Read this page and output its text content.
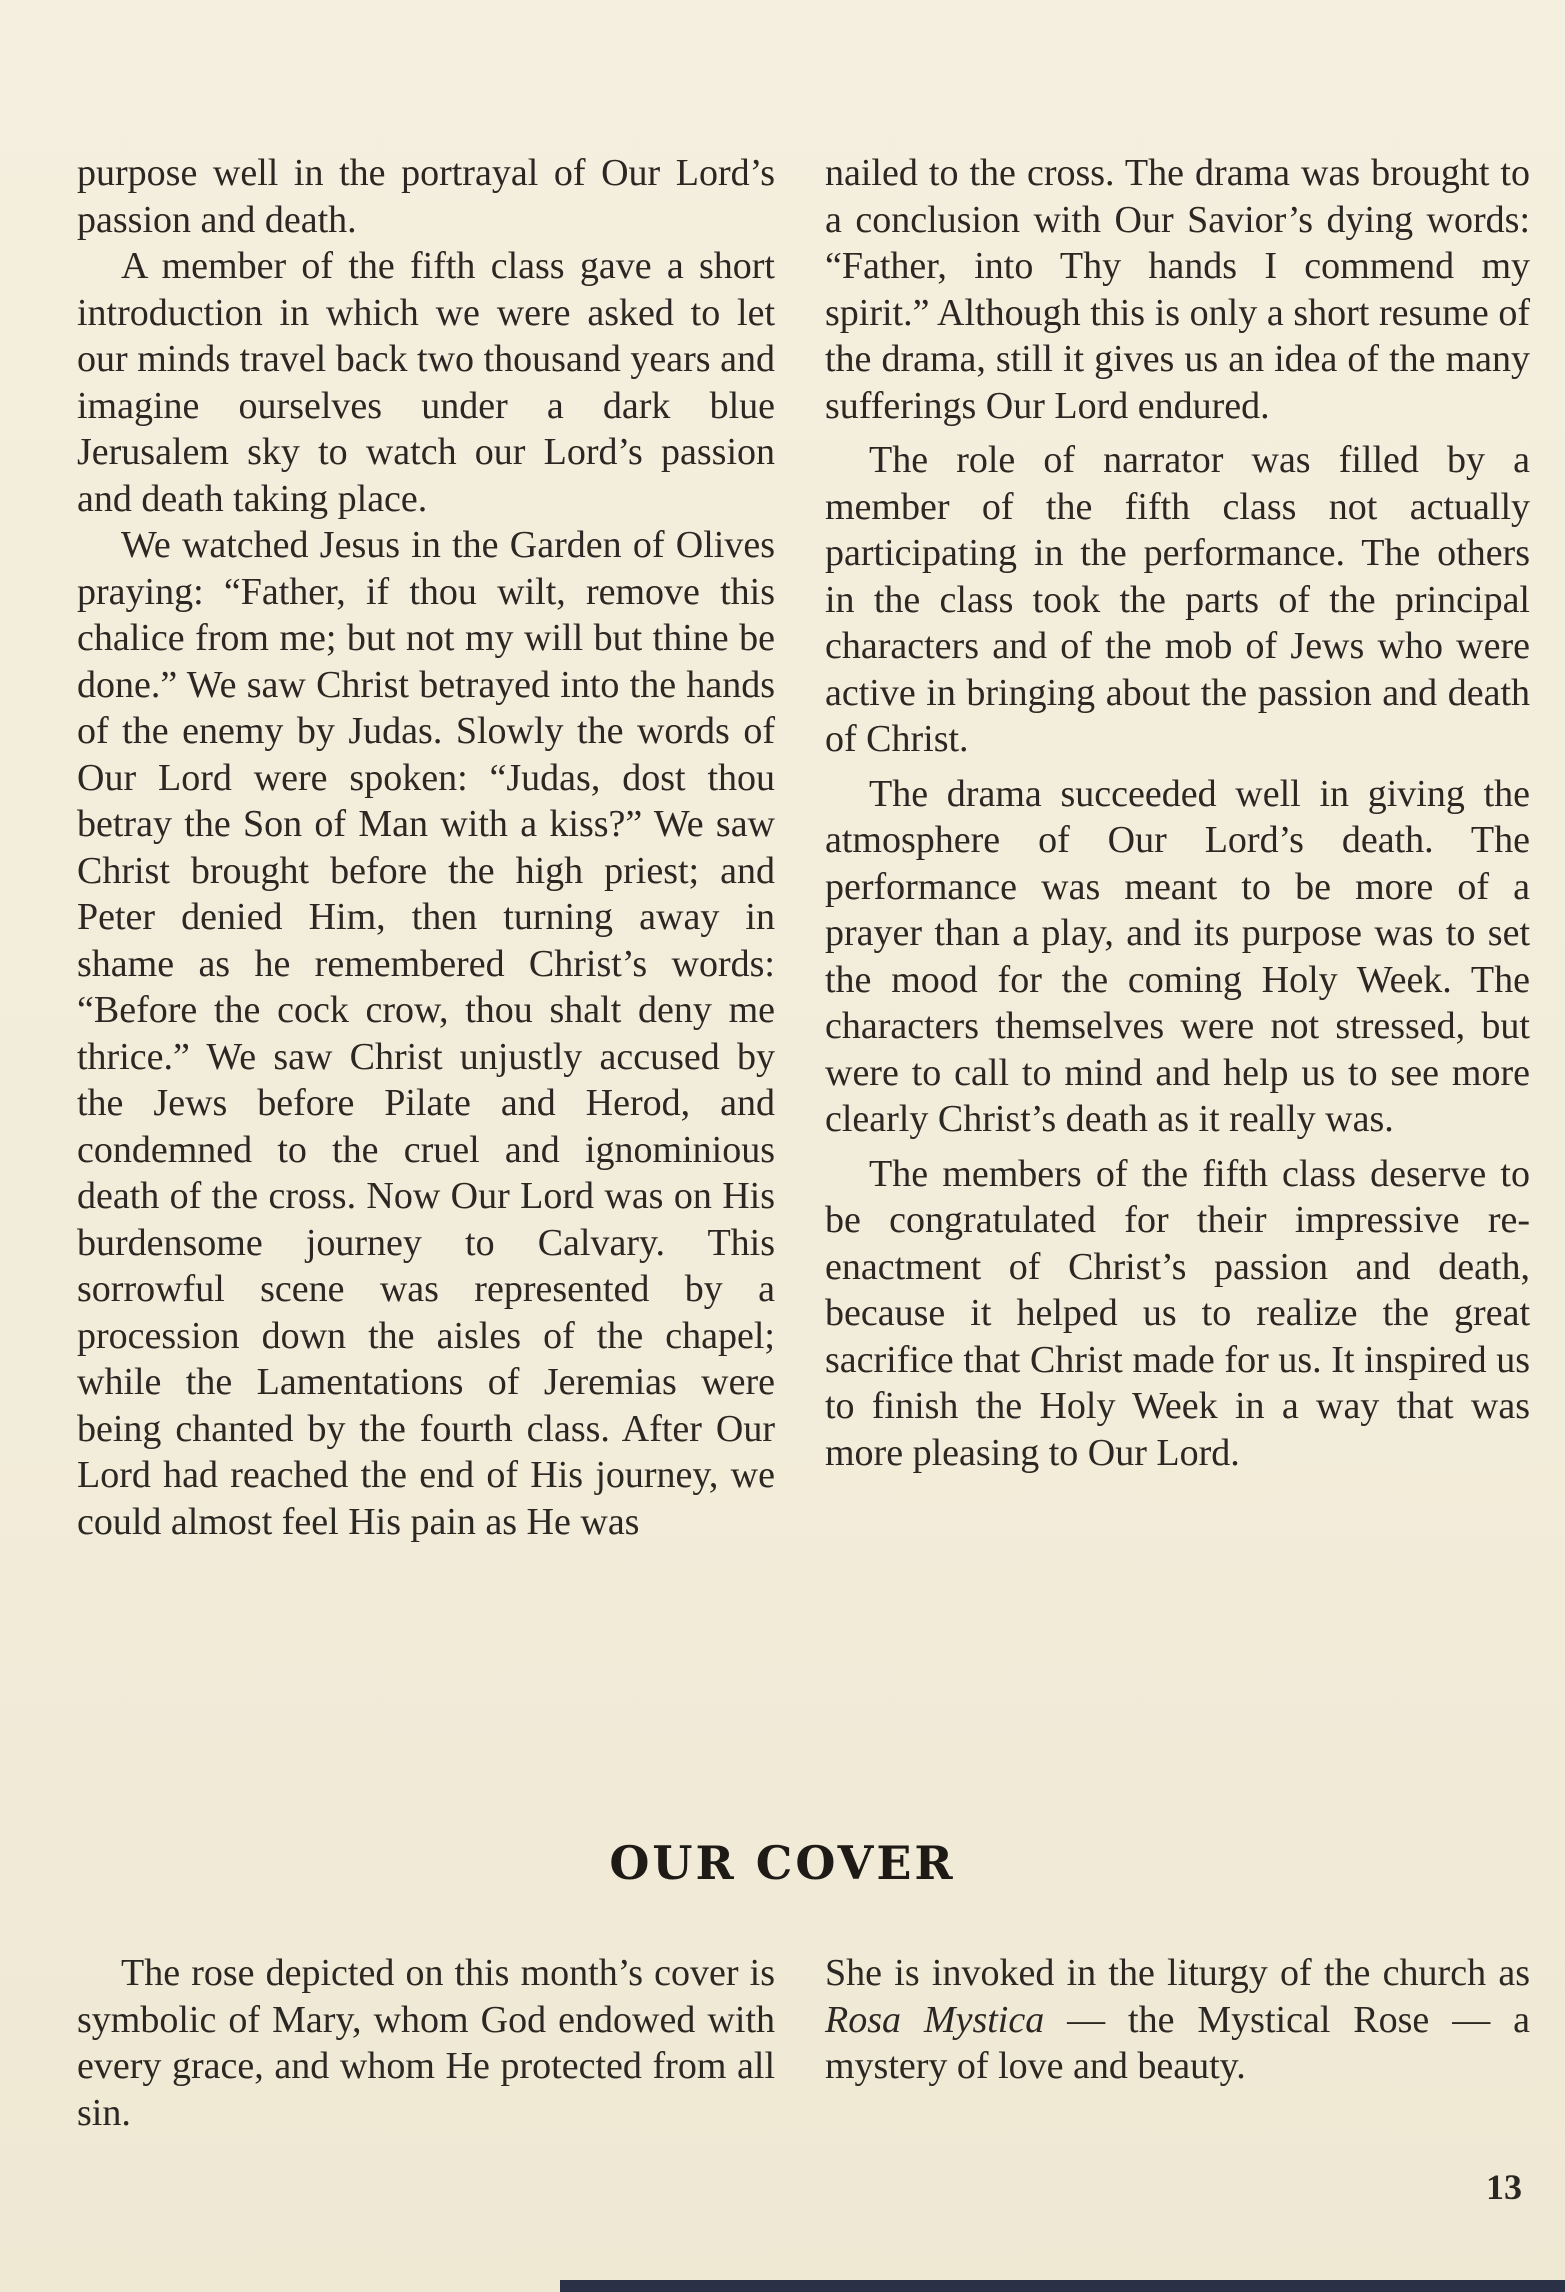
purpose well in the portrayal of Our Lord’s passion and death.

A member of the fifth class gave a short introduction in which we were asked to let our minds travel back two thousand years and imagine ourselves under a dark blue Jerusalem sky to watch our Lord’s passion and death taking place.

We watched Jesus in the Garden of Olives praying: “Father, if thou wilt, remove this chalice from me; but not my will but thine be done.” We saw Christ betrayed into the hands of the enemy by Judas. Slowly the words of Our Lord were spoken: “Judas, dost thou betray the Son of Man with a kiss?” We saw Christ brought before the high priest; and Peter denied Him, then turning away in shame as he remembered Christ’s words: “Before the cock crow, thou shalt deny me thrice.” We saw Christ unjustly accused by the Jews before Pilate and Herod, and condemned to the cruel and ignominious death of the cross. Now Our Lord was on His burdensome journey to Calvary. This sorrowful scene was represented by a procession down the aisles of the chapel; while the Lamentations of Jeremias were being chanted by the fourth class. After Our Lord had reached the end of His journey, we could almost feel His pain as He was

nailed to the cross. The drama was brought to a conclusion with Our Savior’s dying words: “Father, into Thy hands I commend my spirit.” Although this is only a short resume of the drama, still it gives us an idea of the many sufferings Our Lord endured.

The role of narrator was filled by a member of the fifth class not actually participating in the performance. The others in the class took the parts of the principal characters and of the mob of Jews who were active in bringing about the passion and death of Christ.

The drama succeeded well in giving the atmosphere of Our Lord’s death. The performance was meant to be more of a prayer than a play, and its purpose was to set the mood for the coming Holy Week. The characters themselves were not stressed, but were to call to mind and help us to see more clearly Christ’s death as it really was.

The members of the fifth class deserve to be congratulated for their impressive re-enactment of Christ’s passion and death, because it helped us to realize the great sacrifice that Christ made for us. It inspired us to finish the Holy Week in a way that was more pleasing to Our Lord.

OUR COVER

The rose depicted on this month’s cover is symbolic of Mary, whom God endowed with every grace, and whom He protected from all sin.

She is invoked in the liturgy of the church as Rosa Mystica — the Mystical Rose — a mystery of love and beauty.

13
